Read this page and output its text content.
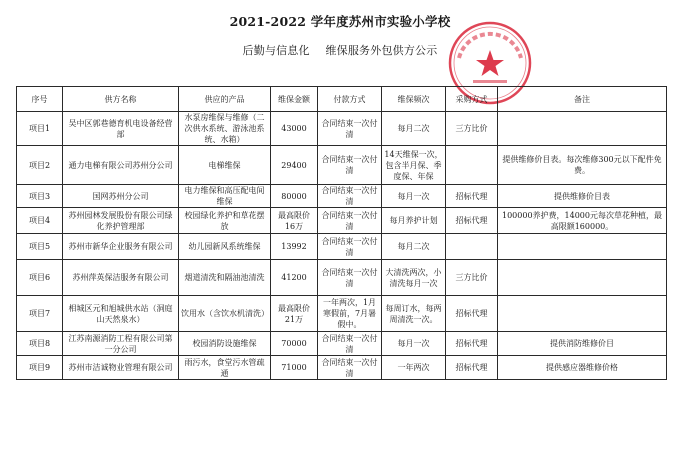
2021-2022 学年度苏州市实验小学校
后勤与信息化 维保服务外包供方公示
序号	供方名称	供应的产品	维保金额	付款方式	维保频次	采购方式	备注
项目1	吴中区郭巷德育机电设备经营部	水泵房维保与维修（二次供水系统、游泳池系统、水箱）	43000	合同结束一次付清	每月二次	三方比价	
项目2	通力电梯有限公司苏州分公司	电梯维保	29400	合同结束一次付清	14天维保一次，包含半月保、季度保、年保		提供维修价目表。每次维修300元以下配件免费。
项目3	国网苏州分公司	电力维保和高压配电间维保	80000	合同结束一次付清	每月一次	招标代理	提供维修价目表
项目4	苏州园林发展股份有限公司绿化养护管理部	校园绿化养护和草花摆放	最高限价16万	合同结束一次付清	每月养护计划	招标代理	100000养护费，14000元每次草花种植，最高限额160000。
项目5	苏州市新华企业服务有限公司	幼儿园新风系统维保	13992	合同结束一次付清	每月二次		
项目6	苏州萍英保洁服务有限公司	烟道清洗和隔油池清洗	41200	合同结束一次付清	大清洗两次，小清洗每月一次	三方比价	
项目7	相城区元和旭城供水站（洞庭山天然泉水）	饮用水（含饮水机清洗）	最高限价21万	一年两次，1月寒假前，7月暑假中。	每周订水，每两周清洗一次。	招标代理	
项目8	江苏南源消防工程有限公司第一分公司	校园消防设施维保	70000	合同结束一次付清	每月一次	招标代理	提供消防维修价目
项目9	苏州市洁诚物业管理有限公司	雨污水，食堂污水管疏通	71000	合同结束一次付清	一年两次	招标代理	提供感应器维修价格
